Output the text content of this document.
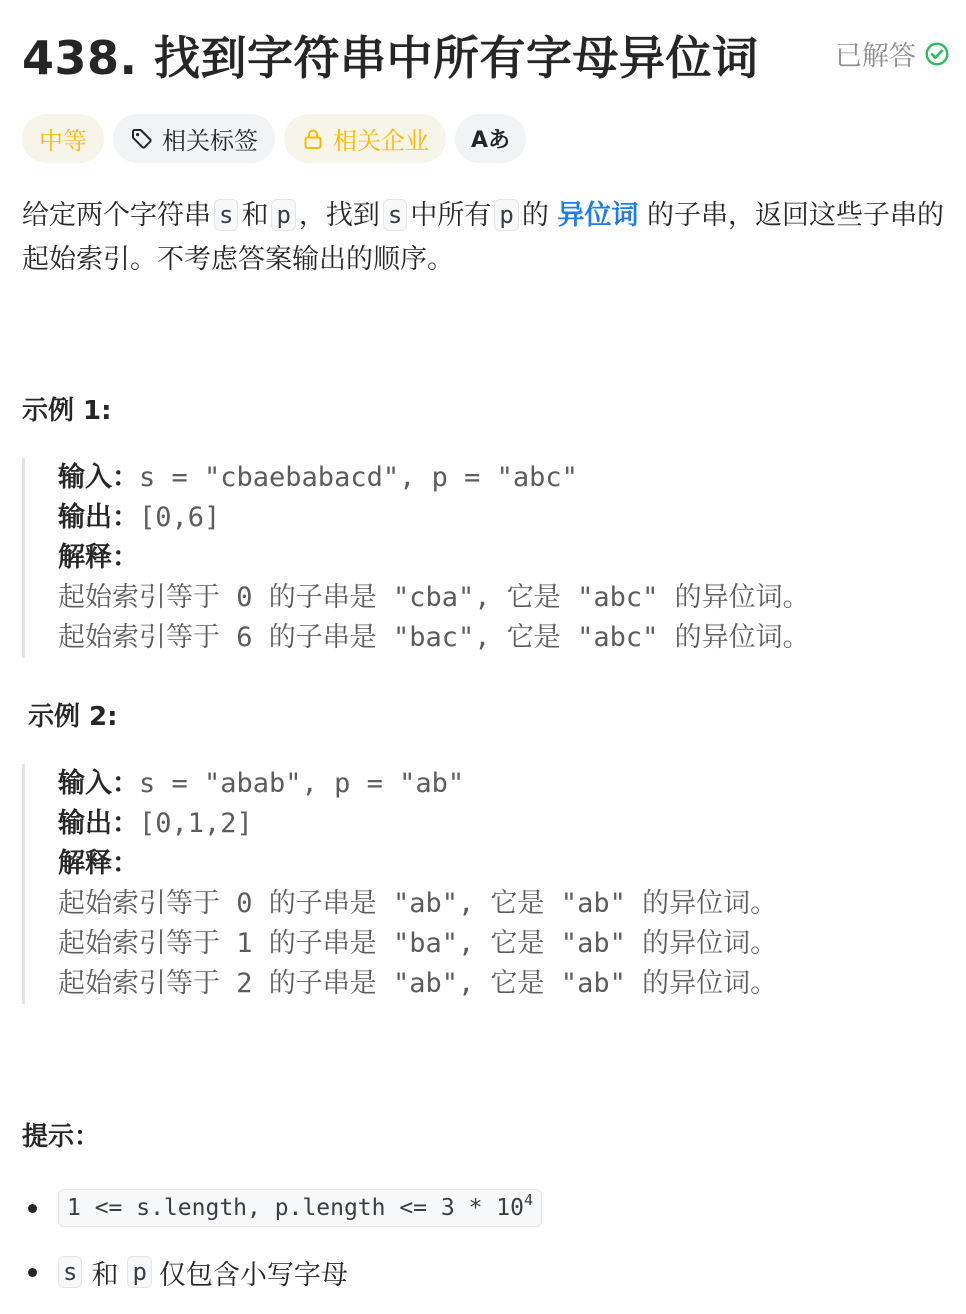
438. 找到字符串中所有字母异位词	已解答
中等	相关标签	相关企业 Aあ
给定两个字符串 s 和 p ，找到 s 中所有 p 的 异位词 的子串，返回这些子串的起始索引。不考虑答案输出的顺序。
示例 1:
输入：s = "cbaebabacd", p = "abc"
输出：[0,6]
解释：
起始索引等于 0 的子串是 "cba", 它是 "abc" 的异位词。
起始索引等于 6 的子串是 "bac", 它是 "abc" 的异位词。
示例 2:
输入：s = "abab", p = "ab"
输出：[0,1,2]
解释：
起始索引等于 0 的子串是 "ab", 它是 "ab" 的异位词。
起始索引等于 1 的子串是 "ba", 它是 "ab" 的异位词。
起始索引等于 2 的子串是 "ab", 它是 "ab" 的异位词。
提示：
1 <= s.length, p.length <= $3 * 10^4$
s 和 p 仅包含小写字母
